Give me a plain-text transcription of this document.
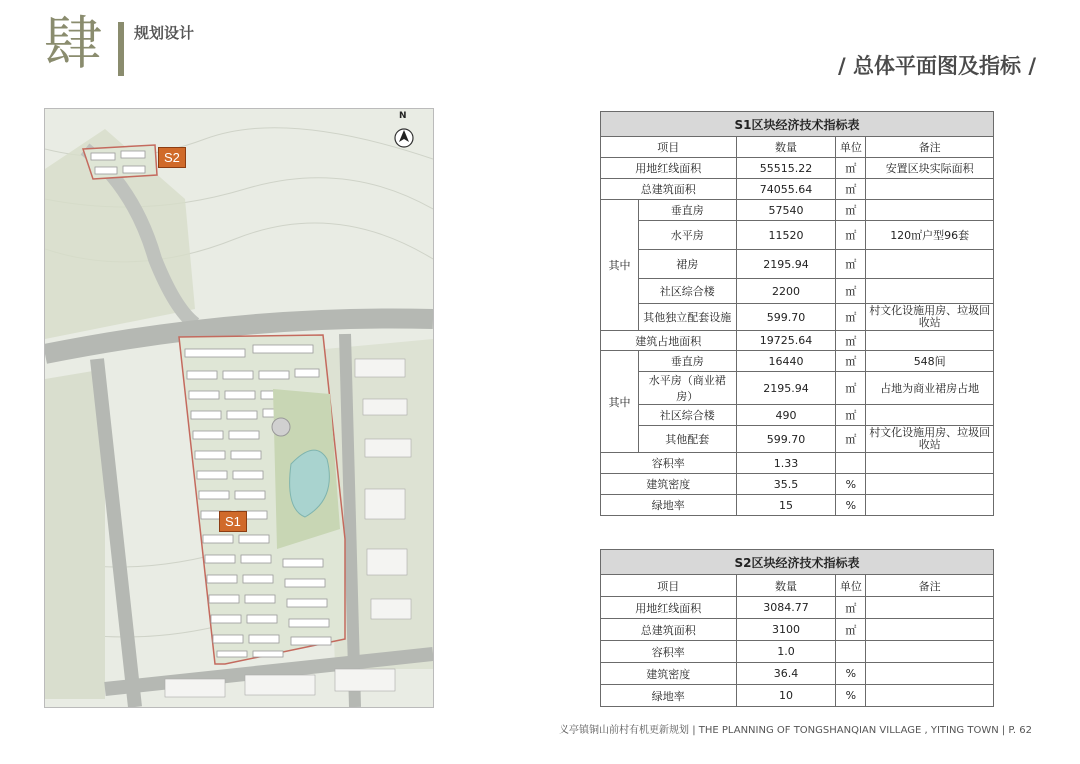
肆 规划设计
/ 总体平面图及指标 /
N
S2
S1
S1区块经济技术指标表				
项目		数量	单位	备注
用地红线面积		55515.22	㎡	安置区块实际面积
总建筑面积		74055.64	㎡	
其中	垂直房	57540	㎡	
	水平房	11520	㎡	120㎡户型96套
	裙房	2195.94	㎡	
	社区综合楼	2200	㎡	
	其他独立配套设施	599.70	㎡	村文化设施用房、垃圾回收站
建筑占地面积		19725.64	㎡	
其中	垂直房	16440	㎡	548间
	水平房（商业裙房）	2195.94	㎡	占地为商业裙房占地
	社区综合楼	490	㎡	
	其他配套	599.70	㎡	村文化设施用房、垃圾回收站
容积率		1.33		
建筑密度		35.5	%	
绿地率		15	%	
S2区块经济技术指标表			
项目	数量	单位	备注
用地红线面积	3084.77	㎡	
总建筑面积	3100	㎡	
容积率	1.0		
建筑密度	36.4	%	
绿地率	10	%	
义亭镇铜山前村有机更新规划 | THE PLANNING OF TONGSHANQIAN VILLAGE , YITING TOWN | P. 62
